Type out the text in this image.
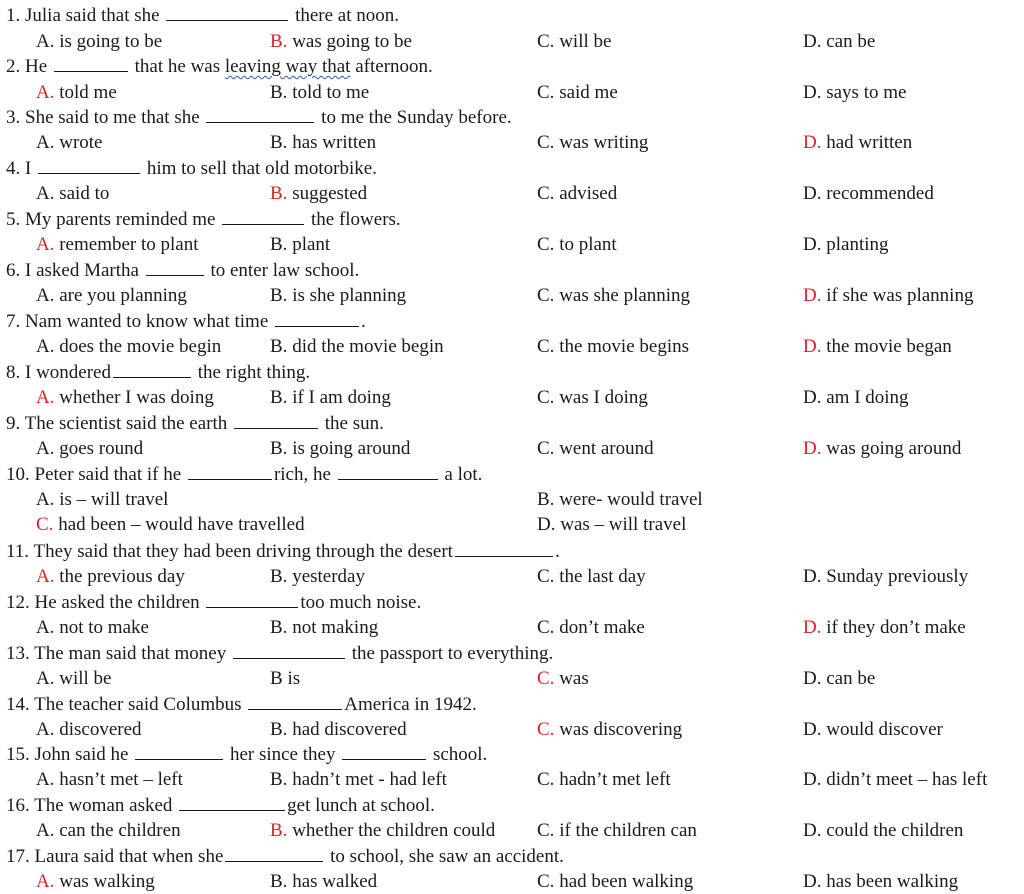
1. Julia said that she	there at noon.
A. is going to be	B. was going to be	C. will be	D. can be
2. He	that he was leaving way that afternoon.
A. told me	B. told to me	C. said me	D. says to me
3. She said to me that she	to me the Sunday before.
A. wrote	B. has written	C. was writing	D. had written
4. I	him to sell that old motorbike.
A. said to	B. suggested	C. advised	D. recommended
5. My parents reminded me	the flowers.
A. remember to plant	B. plant	C. to plant	D. planting
6. I asked Martha	to enter law school.
A. are you planning	B. is she planning	C. was she planning	D. if she was planning
7. Nam wanted to know what time	.
A. does the movie begin	B. did the movie begin	C. the movie begins	D. the movie began
8. I wondered	the right thing.
A. whether I was doing	B. if I am doing	C. was I doing	D. am I doing
9. The scientist said the earth	the sun.
A. goes round	B. is going around	C. went around	D. was going around
10. Peter said that if he	rich, he	a lot.
A. is – will travel	B. were- would travel
C. had been – would have travelled	D. was – will travel
11. They said that they had been driving through the desert	.
A. the previous day	B. yesterday	C. the last day	D. Sunday previously
12. He asked the children	too much noise.
A. not to make	B. not making	C. don’t make	D. if they don’t make
13. The man said that money	the passport to everything.
A. will be	B is	C. was	D. can be
14. The teacher said Columbus	America in 1942.
A. discovered	B. had discovered	C. was discovering	D. would discover
15. John said he	her since they	school.
A. hasn’t met – left	B. hadn’t met - had left	C. hadn’t met left	D. didn’t meet – has left
16. The woman asked	get lunch at school.
A. can the children	B. whether the children could C. if the children can	D. could the children
17. Laura said that when she	to school, she saw an accident.
A. was walking	B. has walked	C. had been walking	D. has been walking
